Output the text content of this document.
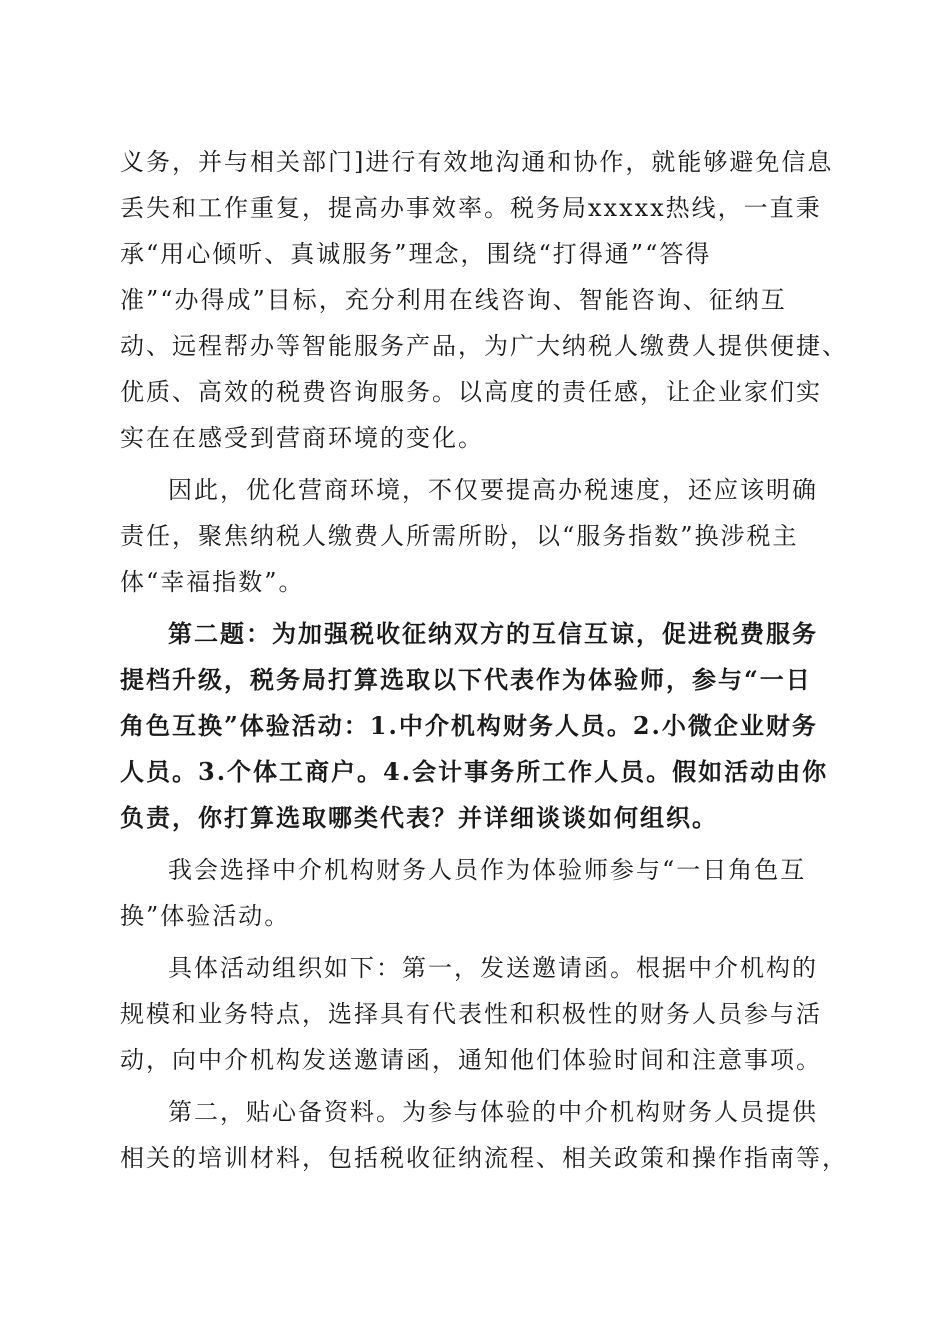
义务，并与相关部门]进行有效地沟通和协作，就能够避免信息
丢失和工作重复，提高办事效率。税务局xxxxx热线，一直秉
承“用心倾听、真诚服务”理念，围绕“打得通”“答得
准”“办得成”目标，充分利用在线咨询、智能咨询、征纳互
动、远程帮办等智能服务产品，为广大纳税人缴费人提供便捷、
优质、高效的税费咨询服务。以高度的责任感，让企业家们实
实在在感受到营商环境的变化。
因此，优化营商环境，不仅要提高办税速度，还应该明确
责任，聚焦纳税人缴费人所需所盼，以“服务指数”换涉税主
体“幸福指数”。
第二题：为加强税收征纳双方的互信互谅，促进税费服务
提档升级，税务局打算选取以下代表作为体验师，参与“一日
角色互换”体验活动：1.中介机构财务人员。2.小微企业财务
人员。3.个体工商户。4.会计事务所工作人员。假如活动由你
负责，你打算选取哪类代表？并详细谈谈如何组织。
我会选择中介机构财务人员作为体验师参与“一日角色互
换”体验活动。
具体活动组织如下：第一，发送邀请函。根据中介机构的
规模和业务特点，选择具有代表性和积极性的财务人员参与活
动，向中介机构发送邀请函，通知他们体验时间和注意事项。
第二，贴心备资料。为参与体验的中介机构财务人员提供
相关的培训材料，包括税收征纳流程、相关政策和操作指南等，
